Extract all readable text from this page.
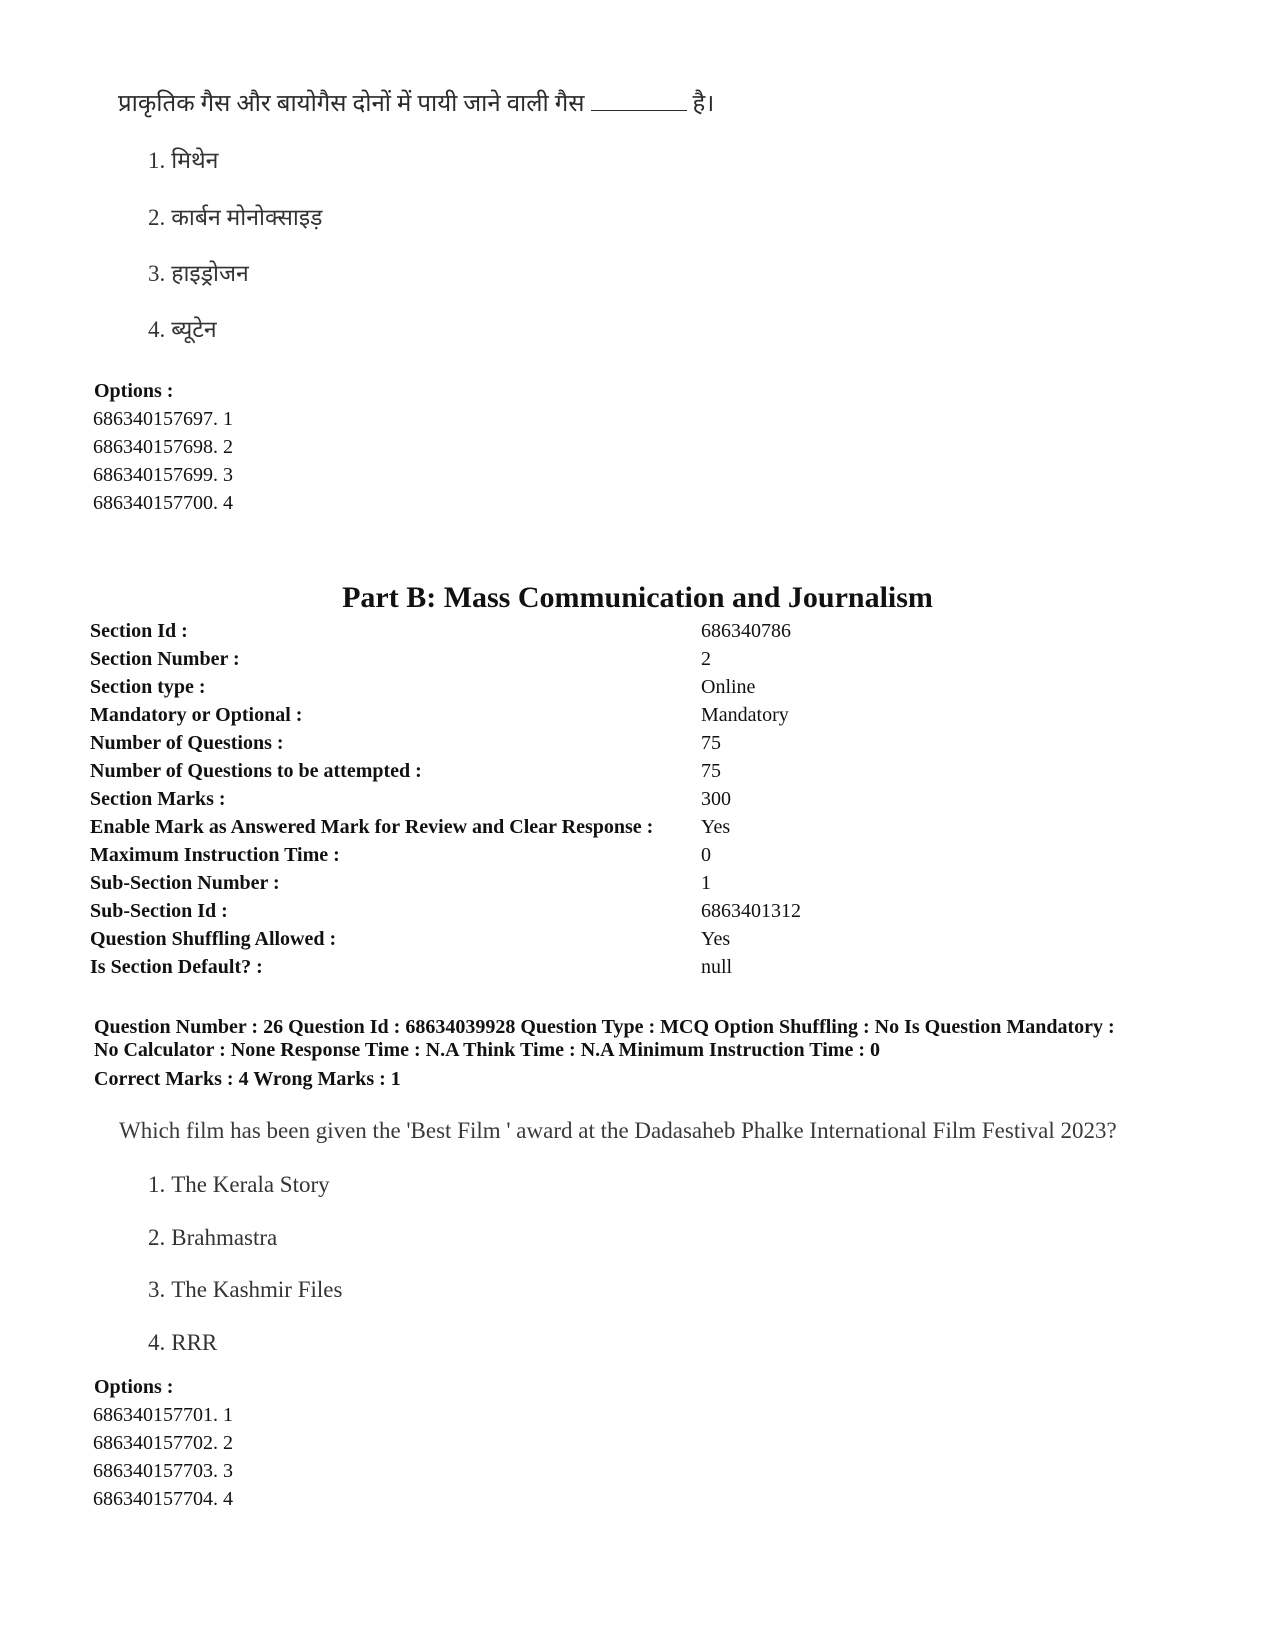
प्राकृतिक गैस और बायोगैस दोनों में पायी जाने वाली गैस	है।
1. मिथेन
2. कार्बन मोनोक्साइड़
3. हाइड्रोजन
4. ब्यूटेन
Options :
686340157697. 1
686340157698. 2
686340157699. 3
686340157700. 4
Part B: Mass Communication and Journalism
Section Id :	686340786
Section Number :	2
Section type :	Online
Mandatory or Optional :	Mandatory
Number of Questions :	75
Number of Questions to be attempted :	75
Section Marks :	300
Enable Mark as Answered Mark for Review and Clear Response : Yes
Maximum Instruction Time :	0
Sub-Section Number :	1
Sub-Section Id :	6863401312
Question Shuffling Allowed :	Yes
Is Section Default? :	null
Question Number : 26 Question Id : 68634039928 Question Type : MCQ Option Shuffling : No Is Question Mandatory :
No Calculator : None Response Time : N.A Think Time : N.A Minimum Instruction Time : 0
Correct Marks : 4 Wrong Marks : 1
Which film has been given the 'Best Film ' award at the Dadasaheb Phalke International Film Festival 2023?
1. The Kerala Story
2. Brahmastra
3. The Kashmir Files
4. RRR
Options :
686340157701. 1
686340157702. 2
686340157703. 3
686340157704. 4
